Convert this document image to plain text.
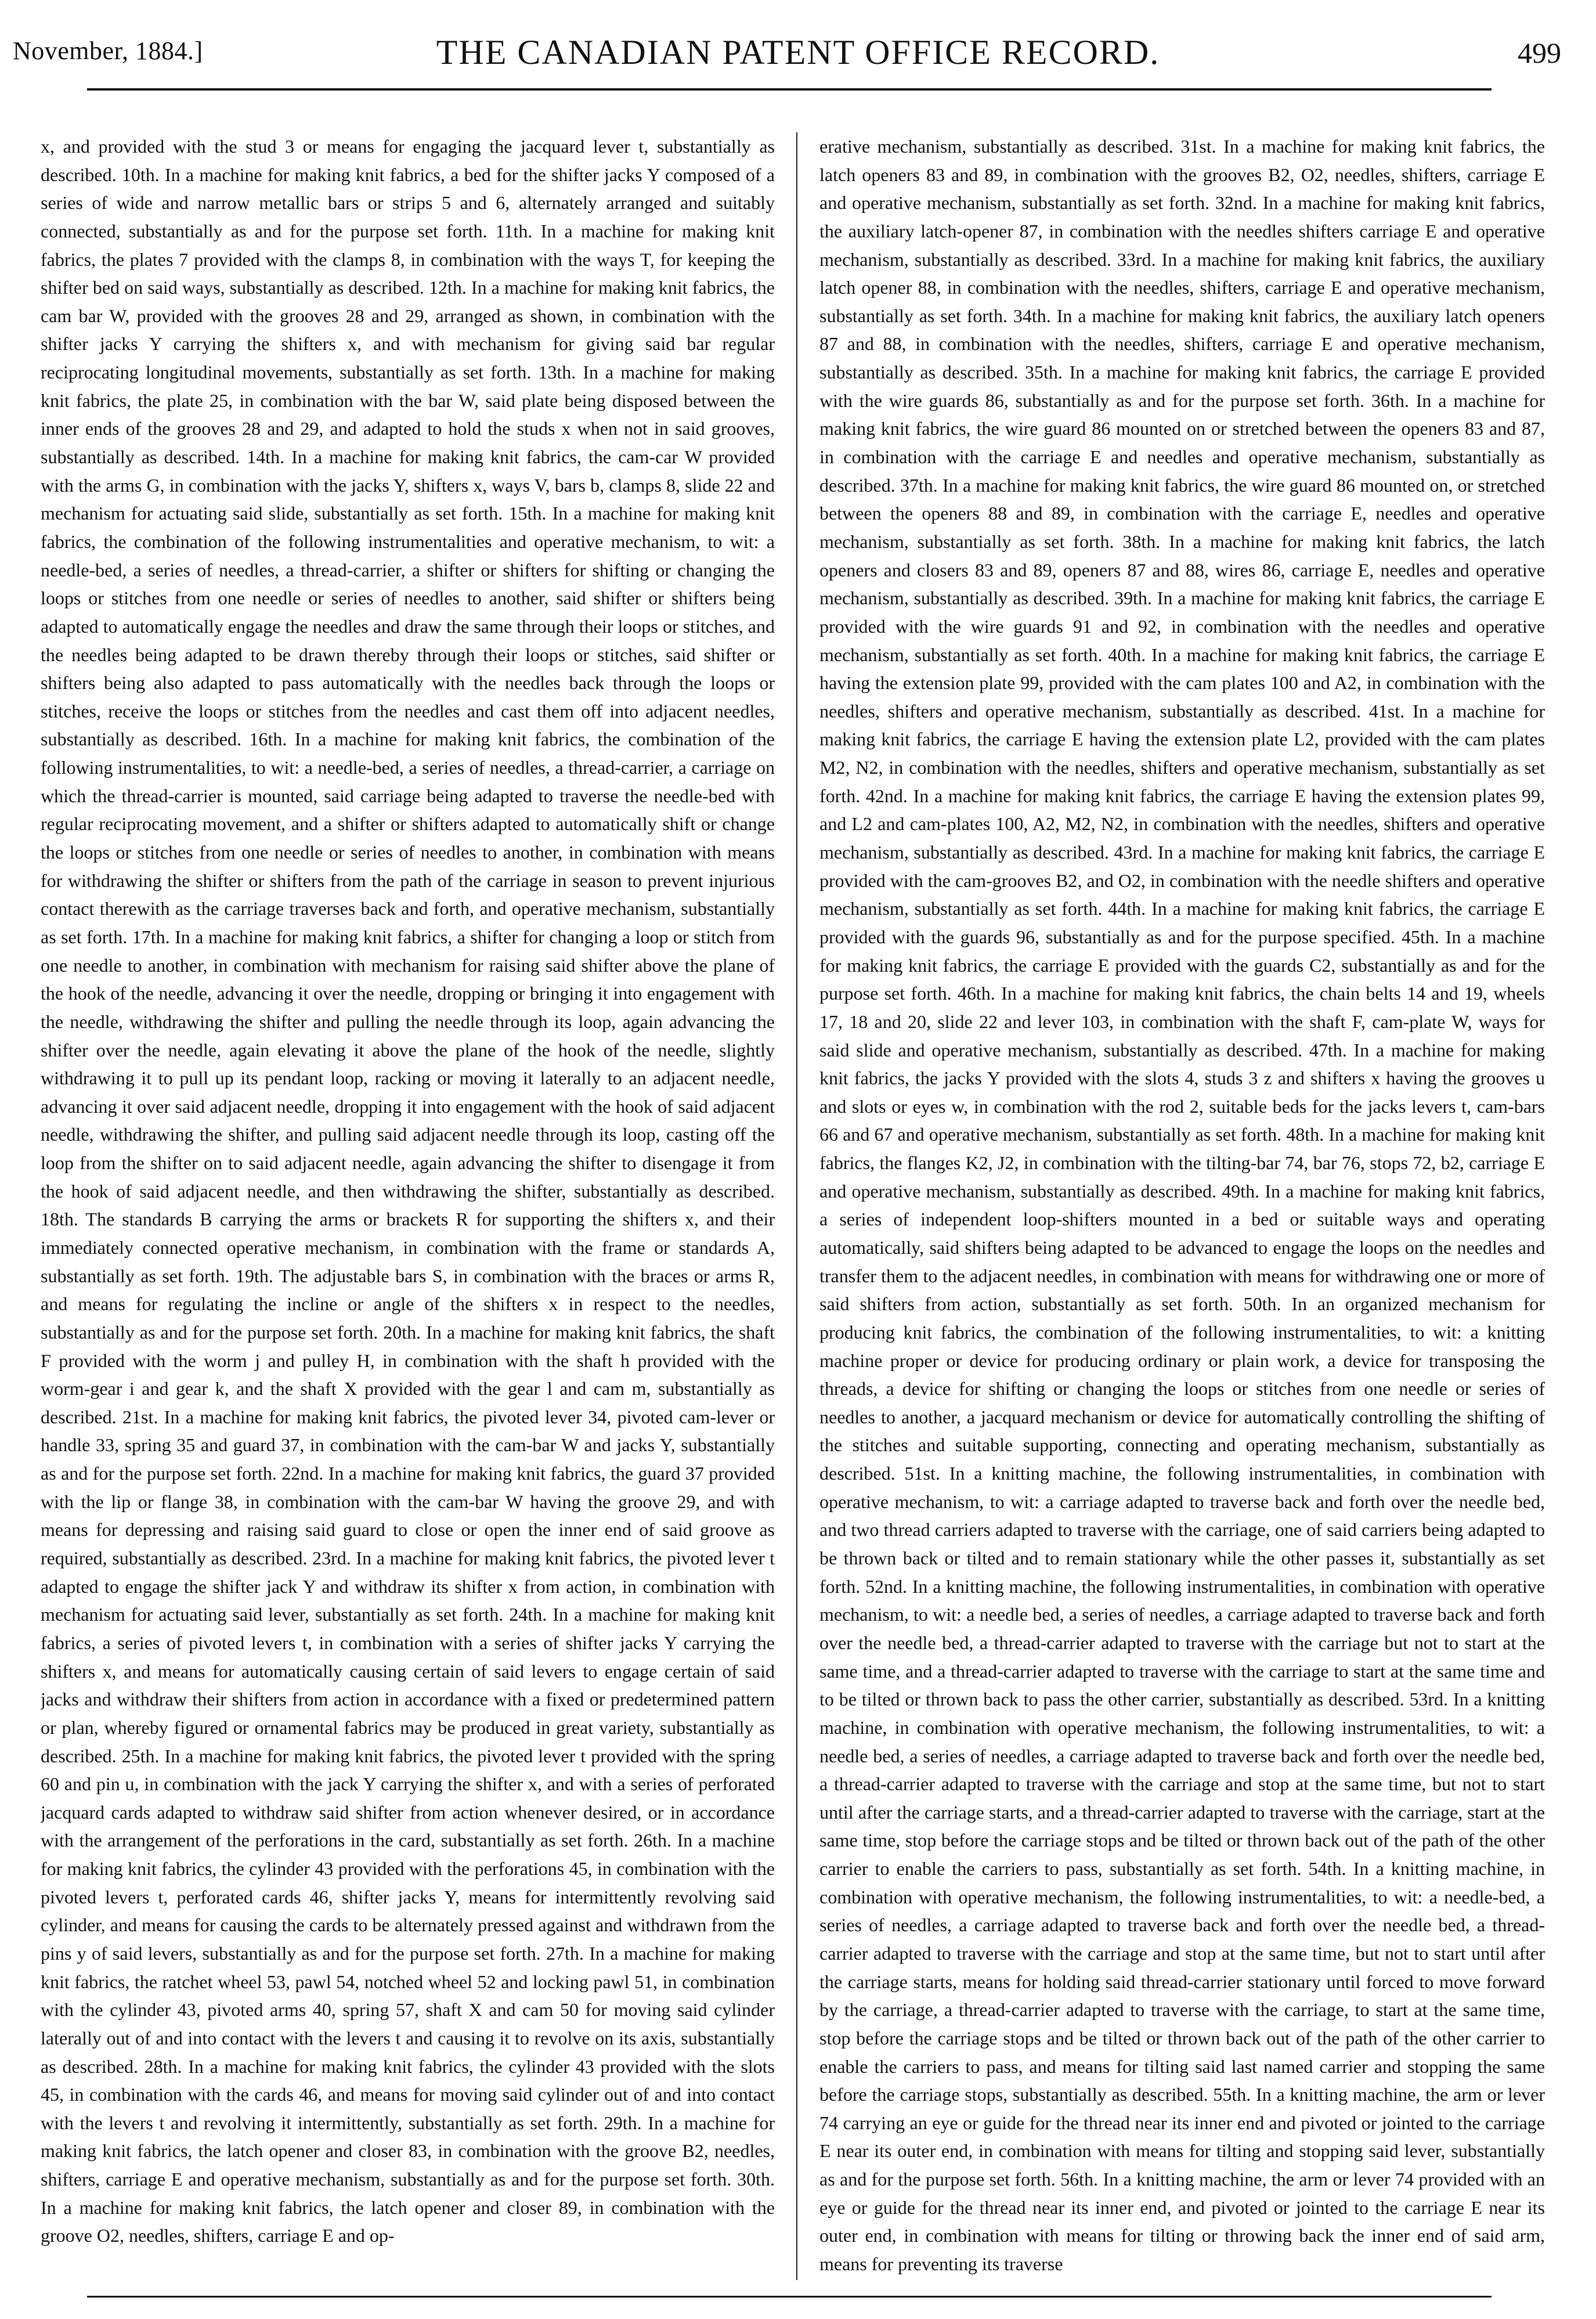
November, 1884.]	THE CANADIAN PATENT OFFICE RECORD.	499

x, and provided with the stud 3 or means for engaging the jacquard lever t, substantially as described. 10th. In a machine for making knit fabrics, a bed for the shifter jacks Y composed of a series of wide and narrow metallic bars or strips 5 and 6, alternately arranged and suitably connected, substantially as and for the purpose set forth. 11th. In a machine for making knit fabrics, the plates 7 provided with the clamps 8, in combination with the ways T, for keeping the shifter bed on said ways, substantially as described. 12th. In a machine for making knit fabrics, the cam bar W, provided with the grooves 28 and 29, arranged as shown, in combination with the shifter jacks Y carrying the shifters x, and with mechanism for giving said bar regular reciprocating longitudinal movements, substantially as set forth. 13th. In a machine for making knit fabrics, the plate 25, in combination with the bar W, said plate being disposed between the inner ends of the grooves 28 and 29, and adapted to hold the studs x when not in said grooves, substantially as described. 14th. In a machine for making knit fabrics, the cam-car W provided with the arms G, in combination with the jacks Y, shifters x, ways V, bars b, clamps 8, slide 22 and mechanism for actuating said slide, substantially as set forth. 15th. In a machine for making knit fabrics, the combination of the following instrumentalities and operative mechanism, to wit: a needle-bed, a series of needles, a thread-carrier, a shifter or shifters for shifting or changing the loops or stitches from one needle or series of needles to another, said shifter or shifters being adapted to automatically engage the needles and draw the same through their loops or stitches, and the needles being adapted to be drawn thereby through their loops or stitches, said shifter or shifters being also adapted to pass automatically with the needles back through the loops or stitches, receive the loops or stitches from the needles and cast them off into adjacent needles, substantially as described. 16th. In a machine for making knit fabrics, the combination of the following instrumentalities, to wit: a needle-bed, a series of needles, a thread-carrier, a carriage on which the thread-carrier is mounted, said carriage being adapted to traverse the needle-bed with regular reciprocating movement, and a shifter or shifters adapted to automatically shift or change the loops or stitches from one needle or series of needles to another, in combination with means for withdrawing the shifter or shifters from the path of the carriage in season to prevent injurious contact therewith as the carriage traverses back and forth, and operative mechanism, substantially as set forth. 17th. In a machine for making knit fabrics, a shifter for changing a loop or stitch from one needle to another, in combination with mechanism for raising said shifter above the plane of the hook of the needle, advancing it over the needle, dropping or bringing it into engagement with the needle, withdrawing the shifter and pulling the needle through its loop, again advancing the shifter over the needle, again elevating it above the plane of the hook of the needle, slightly withdrawing it to pull up its pendant loop, racking or moving it laterally to an adjacent needle, advancing it over said adjacent needle, dropping it into engagement with the hook of said adjacent needle, withdrawing the shifter, and pulling said adjacent needle through its loop, casting off the loop from the shifter on to said adjacent needle, again advancing the shifter to disengage it from the hook of said adjacent needle, and then withdrawing the shifter, substantially as described. 18th. The standards B carrying the arms or brackets R for supporting the shifters x, and their immediately connected operative mechanism, in combination with the frame or standards A, substantially as set forth. 19th. The adjustable bars S, in combination with the braces or arms R, and means for regulating the incline or angle of the shifters x in respect to the needles, substantially as and for the purpose set forth. 20th. In a machine for making knit fabrics, the shaft F provided with the worm j and pulley H, in combination with the shaft h provided with the worm-gear i and gear k, and the shaft X provided with the gear l and cam m, substantially as described. 21st. In a machine for making knit fabrics, the pivoted lever 34, pivoted cam-lever or handle 33, spring 35 and guard 37, in combination with the cam-bar W and jacks Y, substantially as and for the purpose set forth. 22nd. In a machine for making knit fabrics, the guard 37 provided with the lip or flange 38, in combination with the cam-bar W having the groove 29, and with means for depressing and raising said guard to close or open the inner end of said groove as required, substantially as described. 23rd. In a machine for making knit fabrics, the pivoted lever t adapted to engage the shifter jack Y and withdraw its shifter x from action, in combination with mechanism for actuating said lever, substantially as set forth. 24th. In a machine for making knit fabrics, a series of pivoted levers t, in combination with a series of shifter jacks Y carrying the shifters x, and means for automatically causing certain of said levers to engage certain of said jacks and withdraw their shifters from action in accordance with a fixed or predetermined pattern or plan, whereby figured or ornamental fabrics may be produced in great variety, substantially as described. 25th. In a machine for making knit fabrics, the pivoted lever t provided with the spring 60 and pin u, in combination with the jack Y carrying the shifter x, and with a series of perforated jacquard cards adapted to withdraw said shifter from action whenever desired, or in accordance with the arrangement of the perforations in the card, substantially as set forth. 26th. In a machine for making knit fabrics, the cylinder 43 provided with the perforations 45, in combination with the pivoted levers t, perforated cards 46, shifter jacks Y, means for intermittently revolving said cylinder, and means for causing the cards to be alternately pressed against and withdrawn from the pins y of said levers, substantially as and for the purpose set forth. 27th. In a machine for making knit fabrics, the ratchet wheel 53, pawl 54, notched wheel 52 and locking pawl 51, in combination with the cylinder 43, pivoted arms 40, spring 57, shaft X and cam 50 for moving said cylinder laterally out of and into contact with the levers t and causing it to revolve on its axis, substantially as described. 28th. In a machine for making knit fabrics, the cylinder 43 provided with the slots 45, in combination with the cards 46, and means for moving said cylinder out of and into contact with the levers t and revolving it intermittently, substantially as set forth. 29th. In a machine for making knit fabrics, the latch opener and closer 83, in combination with the groove B2, needles, shifters, carriage E and operative mechanism, substantially as and for the purpose set forth. 30th. In a machine for making knit fabrics, the latch opener and closer 89, in combination with the groove O2, needles, shifters, carriage E and op-

erative mechanism, substantially as described. 31st. In a machine for making knit fabrics, the latch openers 83 and 89, in combination with the grooves B2, O2, needles, shifters, carriage E and operative mechanism, substantially as set forth. 32nd. In a machine for making knit fabrics, the auxiliary latch-opener 87, in combination with the needles shifters carriage E and operative mechanism, substantially as described. 33rd. In a machine for making knit fabrics, the auxiliary latch opener 88, in combination with the needles, shifters, carriage E and operative mechanism, substantially as set forth. 34th. In a machine for making knit fabrics, the auxiliary latch openers 87 and 88, in combination with the needles, shifters, carriage E and operative mechanism, substantially as described. 35th. In a machine for making knit fabrics, the carriage E provided with the wire guards 86, substantially as and for the purpose set forth. 36th. In a machine for making knit fabrics, the wire guard 86 mounted on or stretched between the openers 83 and 87, in combination with the carriage E and needles and operative mechanism, substantially as described. 37th. In a machine for making knit fabrics, the wire guard 86 mounted on, or stretched between the openers 88 and 89, in combination with the carriage E, needles and operative mechanism, substantially as set forth. 38th. In a machine for making knit fabrics, the latch openers and closers 83 and 89, openers 87 and 88, wires 86, carriage E, needles and operative mechanism, substantially as described. 39th. In a machine for making knit fabrics, the carriage E provided with the wire guards 91 and 92, in combination with the needles and operative mechanism, substantially as set forth. 40th. In a machine for making knit fabrics, the carriage E having the extension plate 99, provided with the cam plates 100 and A2, in combination with the needles, shifters and operative mechanism, substantially as described. 41st. In a machine for making knit fabrics, the carriage E having the extension plate L2, provided with the cam plates M2, N2, in combination with the needles, shifters and operative mechanism, substantially as set forth. 42nd. In a machine for making knit fabrics, the carriage E having the extension plates 99, and L2 and cam-plates 100, A2, M2, N2, in combination with the needles, shifters and operative mechanism, substantially as described. 43rd. In a machine for making knit fabrics, the carriage E provided with the cam-grooves B2, and O2, in combination with the needle shifters and operative mechanism, substantially as set forth. 44th. In a machine for making knit fabrics, the carriage E provided with the guards 96, substantially as and for the purpose specified. 45th. In a machine for making knit fabrics, the carriage E provided with the guards C2, substantially as and for the purpose set forth. 46th. In a machine for making knit fabrics, the chain belts 14 and 19, wheels 17, 18 and 20, slide 22 and lever 103, in combination with the shaft F, cam-plate W, ways for said slide and operative mechanism, substantially as described. 47th. In a machine for making knit fabrics, the jacks Y provided with the slots 4, studs 3 z and shifters x having the grooves u and slots or eyes w, in combination with the rod 2, suitable beds for the jacks levers t, cam-bars 66 and 67 and operative mechanism, substantially as set forth. 48th. In a machine for making knit fabrics, the flanges K2, J2, in combination with the tilting-bar 74, bar 76, stops 72, b2, carriage E and operative mechanism, substantially as described. 49th. In a machine for making knit fabrics, a series of independent loop-shifters mounted in a bed or suitable ways and operating automatically, said shifters being adapted to be advanced to engage the loops on the needles and transfer them to the adjacent needles, in combination with means for withdrawing one or more of said shifters from action, substantially as set forth. 50th. In an organized mechanism for producing knit fabrics, the combination of the following instrumentalities, to wit: a knitting machine proper or device for producing ordinary or plain work, a device for transposing the threads, a device for shifting or changing the loops or stitches from one needle or series of needles to another, a jacquard mechanism or device for automatically controlling the shifting of the stitches and suitable supporting, connecting and operating mechanism, substantially as described. 51st. In a knitting machine, the following instrumentalities, in combination with operative mechanism, to wit: a carriage adapted to traverse back and forth over the needle bed, and two thread carriers adapted to traverse with the carriage, one of said carriers being adapted to be thrown back or tilted and to remain stationary while the other passes it, substantially as set forth. 52nd. In a knitting machine, the following instrumentalities, in combination with operative mechanism, to wit: a needle bed, a series of needles, a carriage adapted to traverse back and forth over the needle bed, a thread-carrier adapted to traverse with the carriage but not to start at the same time, and a thread-carrier adapted to traverse with the carriage to start at the same time and to be tilted or thrown back to pass the other carrier, substantially as described. 53rd. In a knitting machine, in combination with operative mechanism, the following instrumentalities, to wit: a needle bed, a series of needles, a carriage adapted to traverse back and forth over the needle bed, a thread-carrier adapted to traverse with the carriage and stop at the same time, but not to start until after the carriage starts, and a thread-carrier adapted to traverse with the carriage, start at the same time, stop before the carriage stops and be tilted or thrown back out of the path of the other carrier to enable the carriers to pass, substantially as set forth. 54th. In a knitting machine, in combination with operative mechanism, the following instrumentalities, to wit: a needle-bed, a series of needles, a carriage adapted to traverse back and forth over the needle bed, a thread-carrier adapted to traverse with the carriage and stop at the same time, but not to start until after the carriage starts, means for holding said thread-carrier stationary until forced to move forward by the carriage, a thread-carrier adapted to traverse with the carriage, to start at the same time, stop before the carriage stops and be tilted or thrown back out of the path of the other carrier to enable the carriers to pass, and means for tilting said last named carrier and stopping the same before the carriage stops, substantially as described. 55th. In a knitting machine, the arm or lever 74 carrying an eye or guide for the thread near its inner end and pivoted or jointed to the carriage E near its outer end, in combination with means for tilting and stopping said lever, substantially as and for the purpose set forth. 56th. In a knitting machine, the arm or lever 74 provided with an eye or guide for the thread near its inner end, and pivoted or jointed to the carriage E near its outer end, in combination with means for tilting or throwing back the inner end of said arm, means for preventing its traverse
